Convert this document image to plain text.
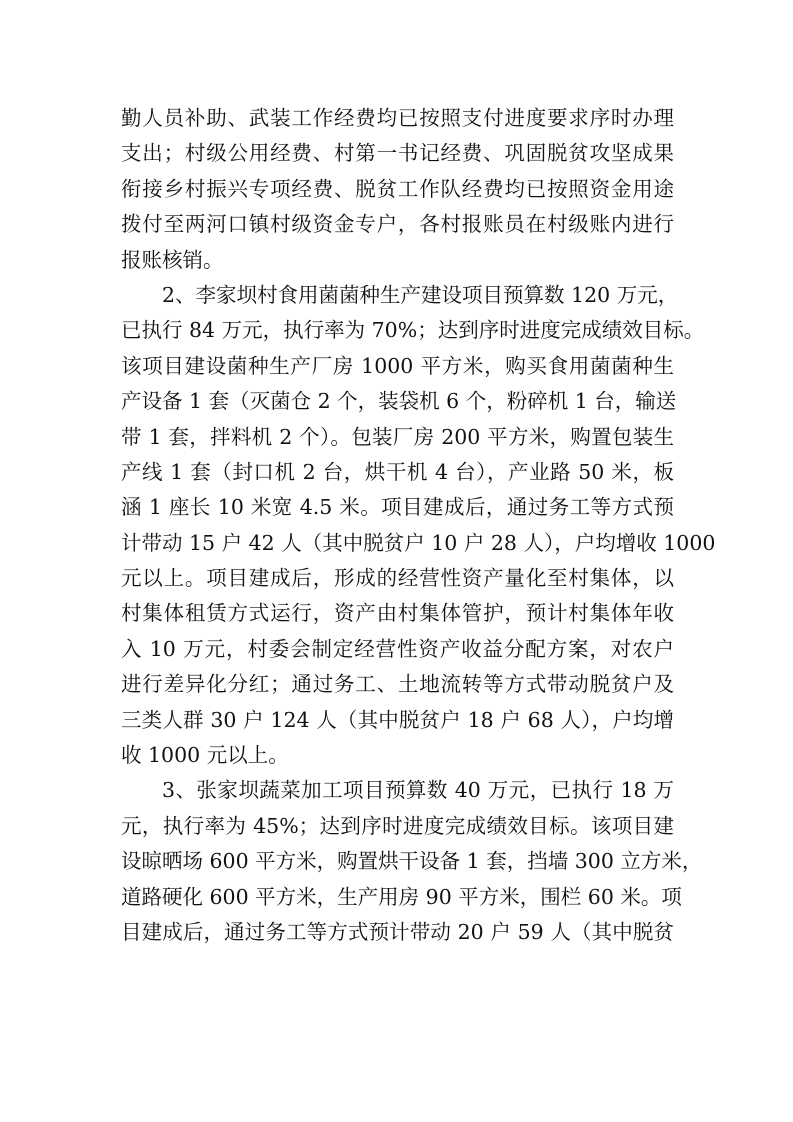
勤人员补助、武装工作经费均已按照支付进度要求序时办理
支出；村级公用经费、村第一书记经费、巩固脱贫攻坚成果
衔接乡村振兴专项经费、脱贫工作队经费均已按照资金用途
拨付至两河口镇村级资金专户，各村报账员在村级账内进行
报账核销。
2、李家坝村食用菌菌种生产建设项目预算数 120 万元，
已执行 84 万元，执行率为 70%；达到序时进度完成绩效目标。
该项目建设菌种生产厂房 1000 平方米，购买食用菌菌种生
产设备 1 套（灭菌仓 2 个，装袋机 6 个，粉碎机 1 台，输送
带 1 套，拌料机 2 个）。包装厂房 200 平方米，购置包装生
产线 1 套（封口机 2 台，烘干机 4 台），产业路 50 米，板
涵 1 座长 10 米宽 4.5 米。项目建成后，通过务工等方式预
计带动 15 户 42 人（其中脱贫户 10 户 28 人），户均增收 1000
元以上。项目建成后，形成的经营性资产量化至村集体，以
村集体租赁方式运行，资产由村集体管护，预计村集体年收
入 10 万元，村委会制定经营性资产收益分配方案，对农户
进行差异化分红；通过务工、土地流转等方式带动脱贫户及
三类人群 30 户 124 人（其中脱贫户 18 户 68 人），户均增
收 1000 元以上。
3、张家坝蔬菜加工项目预算数 40 万元，已执行 18 万
元，执行率为 45%；达到序时进度完成绩效目标。该项目建
设晾晒场 600 平方米，购置烘干设备 1 套，挡墙 300 立方米，
道路硬化 600 平方米，生产用房 90 平方米，围栏 60 米。项
目建成后，通过务工等方式预计带动 20 户 59 人（其中脱贫
